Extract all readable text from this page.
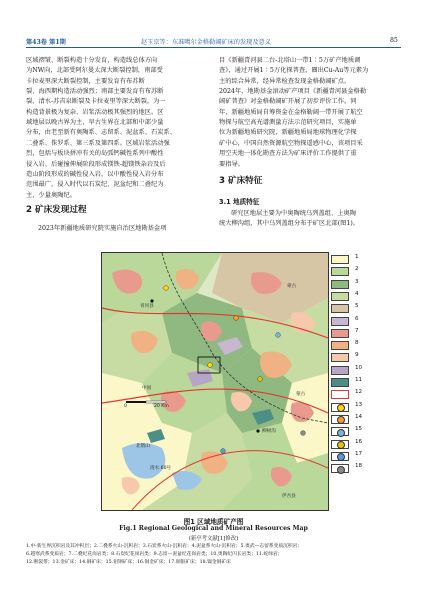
第43卷 第1期	赵玉京等：东准噶尔金格勒阔矿床的发现及意义	85
区域褶皱、断裂构造十分发育，构造线总体方向
为NW向，北部受阿尔曼太深大断裂控制，南部受
卡拉麦里深大断裂控制，主要发育有布苏断
裂、海西期构造活动强烈；南部主要发育有布苏断
裂、清水-苏吉泉断裂及卡拉麦里等深大断裂，为一
构造背景极为复杂、岩浆活动极其强烈的地区。区
域地层以晚古界为主，早古生界在北部和中部少量
分布，由老至新有奥陶系、志留系、泥盆系、石炭系、
二叠系、侏罗系、第三系及第四系。区域岩浆活动强
烈，包括与板块拼冲有关的岛弧钙碱性系列中酸性
侵入岩、后碰撞伸展阶段形成镁铁-超镁铁杂岩及后
造山阶段形成的碱性侵入岩。以中酸性侵入岩分布
范围最广，侵入时代以石炭纪、泥盆纪和二叠纪为
主，少量奥陶纪。
2 矿床发现过程
2023年新疆地质研究院实施自治区地勘基金项
目《新疆青河县二台-北塔山一带1∶5万矿产地质调
查》，通过开展1∶5万化探普查，圈出Cu-Au等元素为
主的综合异常，经异常检查发现金格勒阔矿点。
2024年，地勘基金滚动矿产项目《新疆青河县金格勒
阔矿普查》对金格勒阔矿开展了初步评价工作。同
年，新疆地质局自筹资金在金格勒阔一带开展了航空
物探与航空高光谱测量方法示范研究项目，实施单
位为新疆地质研究院，新疆地质局地球物理化学探
矿中心，中国自然资源航空物探遥感中心，该项目采
用空天地一体化勘查方法为矿床评价工作提供了重
要指导。
3 矿床特征
3.1 地质特征
研究区地层主要为中奥陶统乌列盖组、上奥陶
统大柳沟组，其中乌列盖组分布于矿区北部(图1)。
青河县
蒙古
中国
蒙古
0	20 Km
北塔山
清水 60号
柳树沟
伊吾县
1
2
3
4
5
6
7
8
9
10
11
12
13
14
15
16
17
18
图1 区域地质矿产图
Fig.1 Regional Geological and Mineral Resources Map
(新亭考文献[1]修改)
1.中-新生界沉积岩及其冲积层；2.二叠系火山-沉积岩；3.石炭系火山-沉积岩；4.泥盆系火山-沉积岩；5.奥武—志留系变质沉积岩；
6.越寒武系变质岩；7.二叠纪花岗岩类；8.石炭纪花岗岩类；9.志留—泥盆纪花岗岩类；10.奥陶纪闪长岩类；11.蛇绿岩；
12.断裂带；13.金矿床；14.铜矿床；15.钼钢矿床；16.铜金矿床；17.铜银矿床；18.镍金铜矿床
